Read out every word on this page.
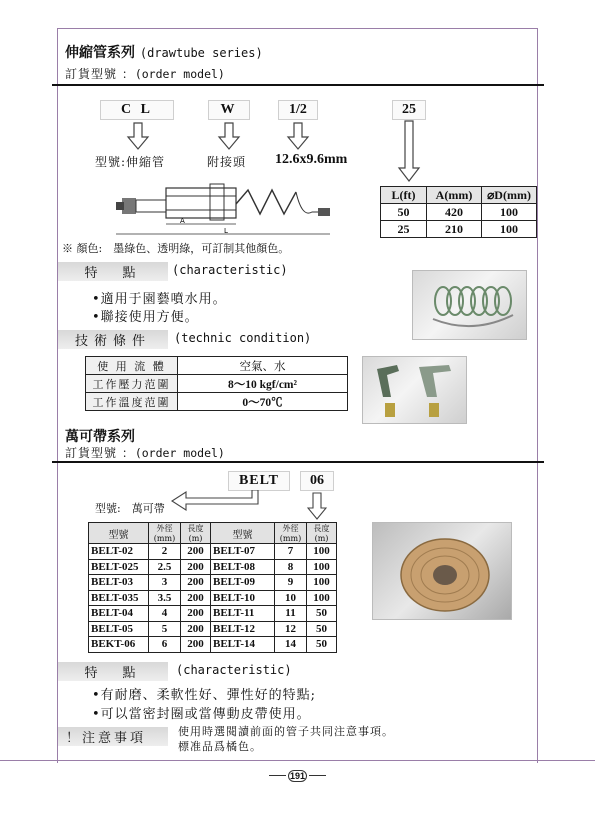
伸縮管系列 (drawtube series)
訂貨型號 ：(order model)
C L	W	1/2	25
型號:伸縮管	附接頭 12.6x9.6mm
A
L
L(ft)	A(mm)	⌀D(mm)
50	420	100
25	210	100
※ 顏色:　墨綠色、透明綠，可訂制其他顏色。
特　點	(characteristic)
•適用于園藝噴水用。
•聯接使用方便。
技術條件	(technic condition)
使 用 流 體	空氣、水
工作壓力范圍	8～10 kgf/cm²
工作溫度范圍	0～70℃
萬可帶系列
訂貨型號 ：(order model)
BELT	06
型號:　萬可帶
型號	外徑(mm)	長度(m)	型號	外徑(mm)	長度(m)
BELT-02	2	200	BELT-07	7	100
BELT-025	2.5	200	BELT-08	8	100
BELT-03	3	200	BELT-09	9	100
BELT-035	3.5	200	BELT-10	10	100
BELT-04	4	200	BELT-11	11	50
BELT-05	5	200	BELT-12	12	50
BEKT-06	6	200	BELT-14	14	50
特　點	(characteristic)
•有耐磨、柔軟性好、彈性好的特點;
•可以當密封圈或當傳動皮帶使用。
！注意事項	使用時選閱讀前面的管子共同注意事項。
標准品爲橘色。
191
